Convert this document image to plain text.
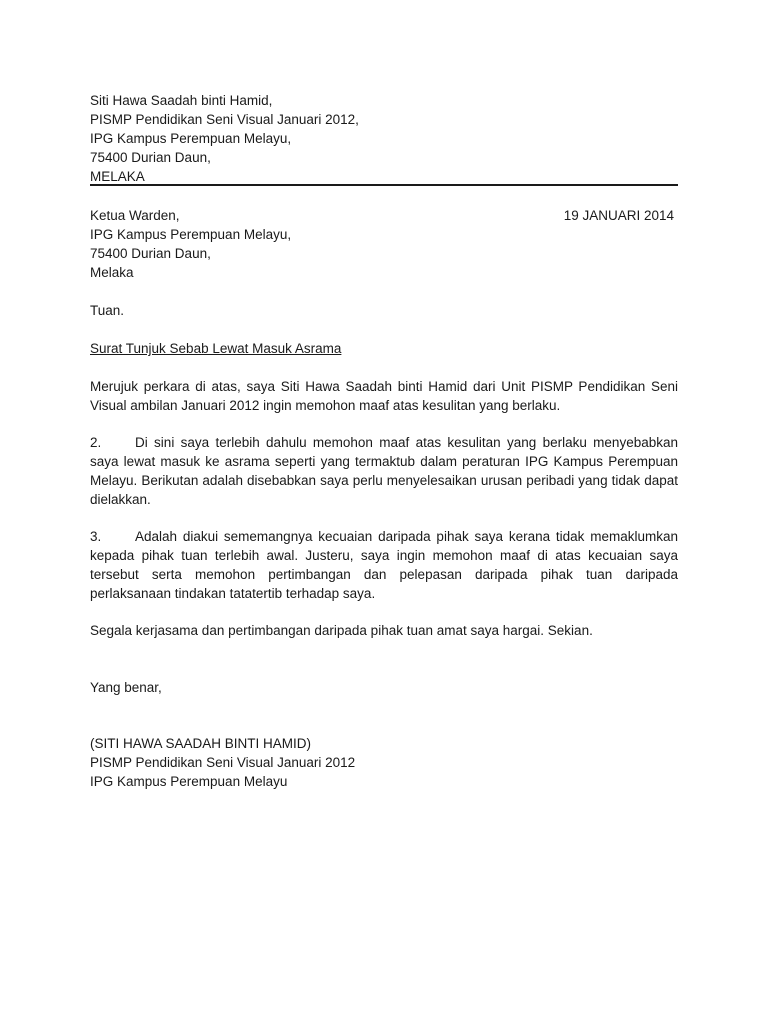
Siti Hawa Saadah binti Hamid,
PISMP Pendidikan Seni Visual Januari 2012,
IPG Kampus Perempuan Melayu,
75400 Durian Daun,
MELAKA
Ketua Warden,
IPG Kampus Perempuan Melayu,
75400 Durian Daun,
Melaka
19 JANUARI 2014
Tuan.
Surat Tunjuk Sebab Lewat Masuk Asrama
Merujuk perkara di atas, saya Siti Hawa Saadah binti Hamid dari Unit PISMP Pendidikan Seni Visual ambilan Januari 2012 ingin memohon maaf atas kesulitan yang berlaku.
2. Di sini saya terlebih dahulu memohon maaf atas kesulitan yang berlaku menyebabkan saya lewat masuk ke asrama seperti yang termaktub dalam peraturan IPG Kampus Perempuan Melayu. Berikutan adalah disebabkan saya perlu menyelesaikan urusan peribadi yang tidak dapat dielakkan.
3. Adalah diakui sememangnya kecuaian daripada pihak saya kerana tidak memaklumkan kepada pihak tuan terlebih awal. Justeru, saya ingin memohon maaf di atas kecuaian saya tersebut serta memohon pertimbangan dan pelepasan daripada pihak tuan daripada perlaksanaan tindakan tatatertib terhadap saya.
Segala kerjasama dan pertimbangan daripada pihak tuan amat saya hargai. Sekian.
Yang benar,
(SITI HAWA SAADAH BINTI HAMID)
PISMP Pendidikan Seni Visual Januari 2012
IPG Kampus Perempuan Melayu
